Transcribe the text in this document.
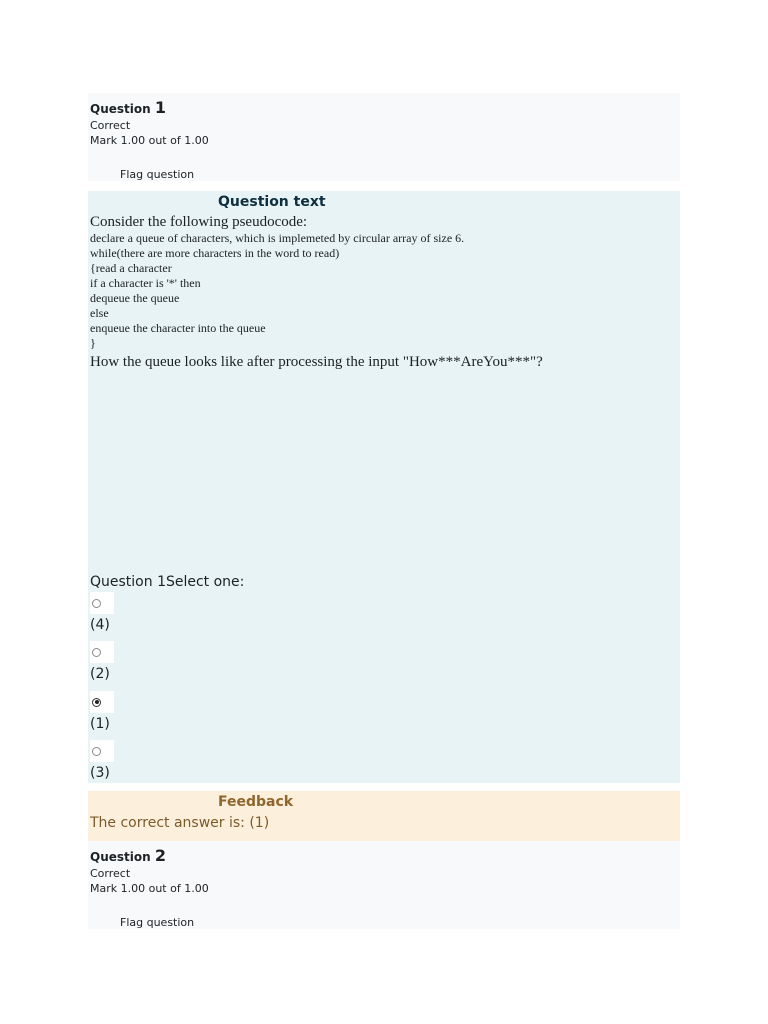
Question 1
Correct
Mark 1.00 out of 1.00
Flag question
Question text
Consider the following pseudocode:
declare a queue of characters, which is implemeted by circular array of size 6.
while(there are more characters in the word to read)
{read a character
if a character is '*' then
dequeue the queue
else
enqueue the character into the queue
}
How the queue looks like after processing the input "How***AreYou***"?
Question 1Select one:
(4)
(2)
(1)
(3)
Feedback
The correct answer is: (1)
Question 2
Correct
Mark 1.00 out of 1.00
Flag question
